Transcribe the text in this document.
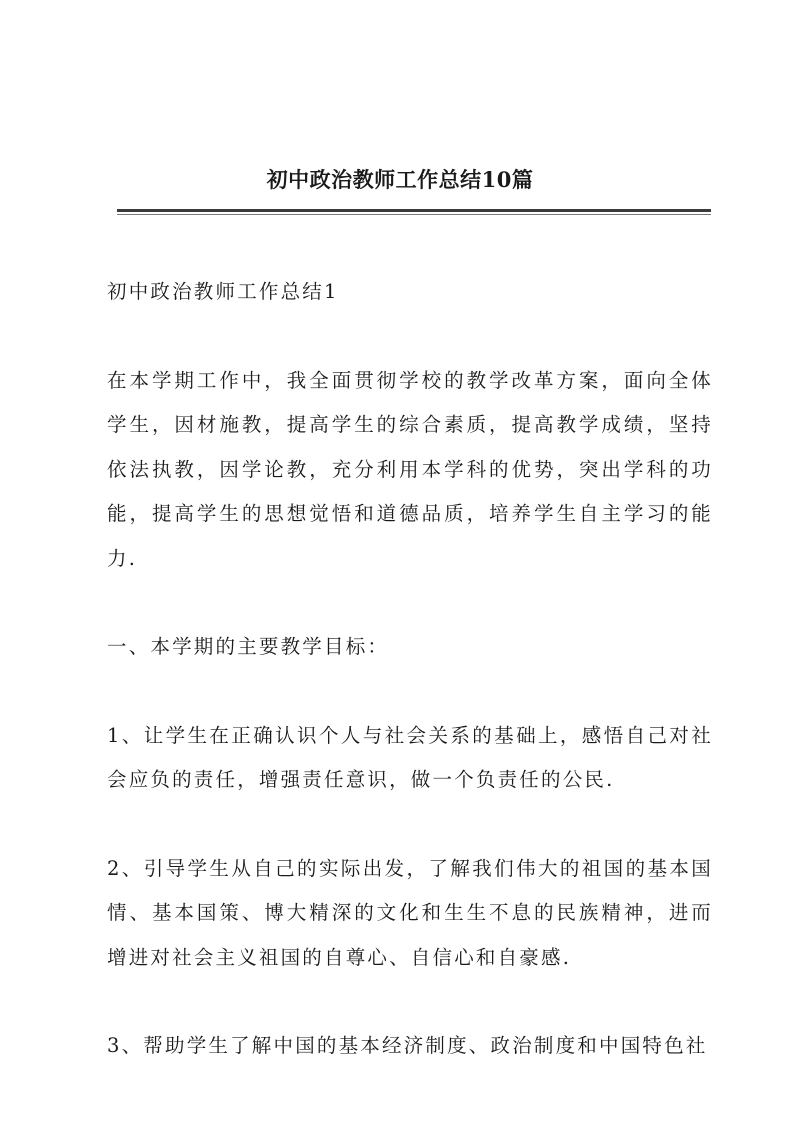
初中政治教师工作总结10篇

初中政治教师工作总结1

在本学期工作中，我全面贯彻学校的教学改革方案，面向全体学生，因材施教，提高学生的综合素质，提高教学成绩，坚持依法执教，因学论教，充分利用本学科的优势，突出学科的功能，提高学生的思想觉悟和道德品质，培养学生自主学习的能力.

一、本学期的主要教学目标：

1、让学生在正确认识个人与社会关系的基础上，感悟自己对社会应负的责任，增强责任意识，做一个负责任的公民.

2、引导学生从自己的实际出发，了解我们伟大的祖国的基本国情、基本国策、博大精深的文化和生生不息的民族精神，进而增进对社会主义祖国的自尊心、自信心和自豪感.

3、帮助学生了解中国的基本经济制度、政治制度和中国特色社
